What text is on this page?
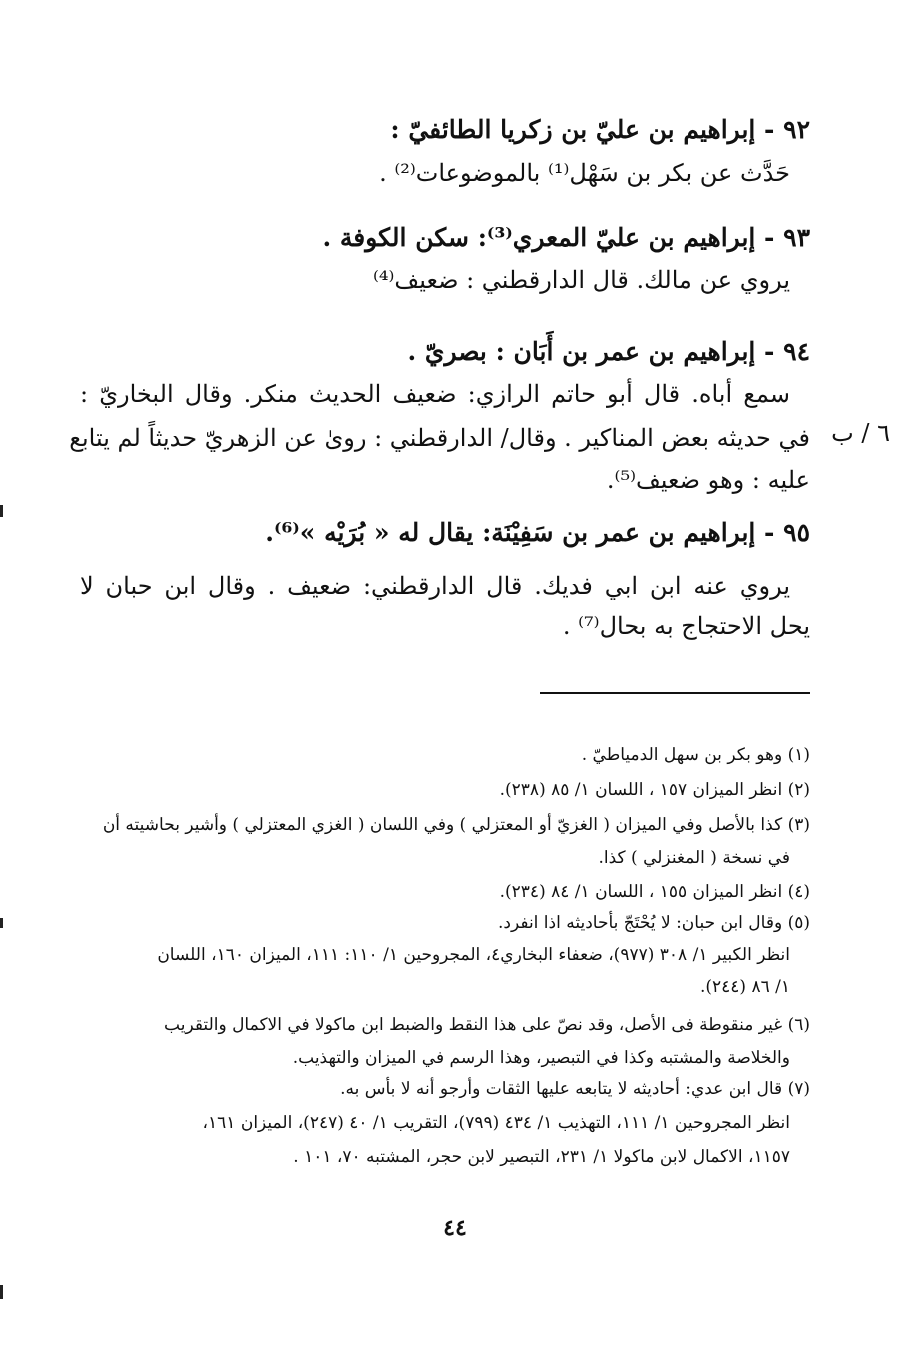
٩٢ - إبراهيم بن عليّ بن زكريا الطائفيّ :
حَدَّث عن بكر بن سَهْل⁽¹⁾ بالموضوعات⁽²⁾ .
٩٣ - إبراهيم بن عليّ المعري⁽³⁾: سكن الكوفة .
يروي عن مالك. قال الدارقطني : ضعيف⁽⁴⁾
٩٤ - إبراهيم بن عمر بن أَبَان : بصريّ .
سمع أباه. قال أبو حاتم الرازي: ضعيف الحديث منكر. وقال البخاريّ :
في حديثه بعض المناكير . وقال/ الدارقطني : روىٰ عن الزهريّ حديثاً لم يتابع
عليه : وهو ضعيف⁽⁵⁾.
٦ / ب
٩٥ - إبراهيم بن عمر بن سَفِيْنَة: يقال له « بُرَيْه »⁽⁶⁾.
يروي عنه ابن ابي فديك. قال الدارقطني: ضعيف . وقال ابن حبان لا
يحل الاحتجاج به بحال⁽⁷⁾ .
(١) وهو بكر بن سهل الدمياطيّ .
(٢) انظر الميزان ١٥٧ ، اللسان ١/ ٨٥ (٢٣٨).
(٣) كذا بالأصل وفي الميزان ( الغزيّ أو المعتزلي ) وفي اللسان ( الغزي المعتزلي ) وأشير بحاشيته أن
في نسخة ( المغنزلي ) كذا.
(٤) انظر الميزان ١٥٥ ، اللسان ١/ ٨٤ (٢٣٤).
(٥) وقال ابن حبان: لا يُحْتَجّ بأحاديثه اذا انفرد.
انظر الكبير ١/ ٣٠٨ (٩٧٧)، ضعفاء البخاري٤، المجروحين ١/ ١١٠: ١١١، الميزان ١٦٠، اللسان
١/ ٨٦ (٢٤٤).
(٦) غير منقوطة فى الأصل، وقد نصّ على هذا النقط والضبط ابن ماكولا في الاكمال والتقريب
والخلاصة والمشتبه وكذا في التبصير، وهذا الرسم في الميزان والتهذيب.
(٧) قال ابن عدي: أحاديثه لا يتابعه عليها الثقات وأرجو أنه لا بأس به.
انظر المجروحين ١/ ١١١، التهذيب ١/ ٤٣٤ (٧٩٩)، التقريب ١/ ٤٠ (٢٤٧)، الميزان ١٦١،
١١٥٧، الاكمال لابن ماكولا ١/ ٢٣١، التبصير لابن حجر، المشتبه ٧٠، ١٠١ .
٤٤
